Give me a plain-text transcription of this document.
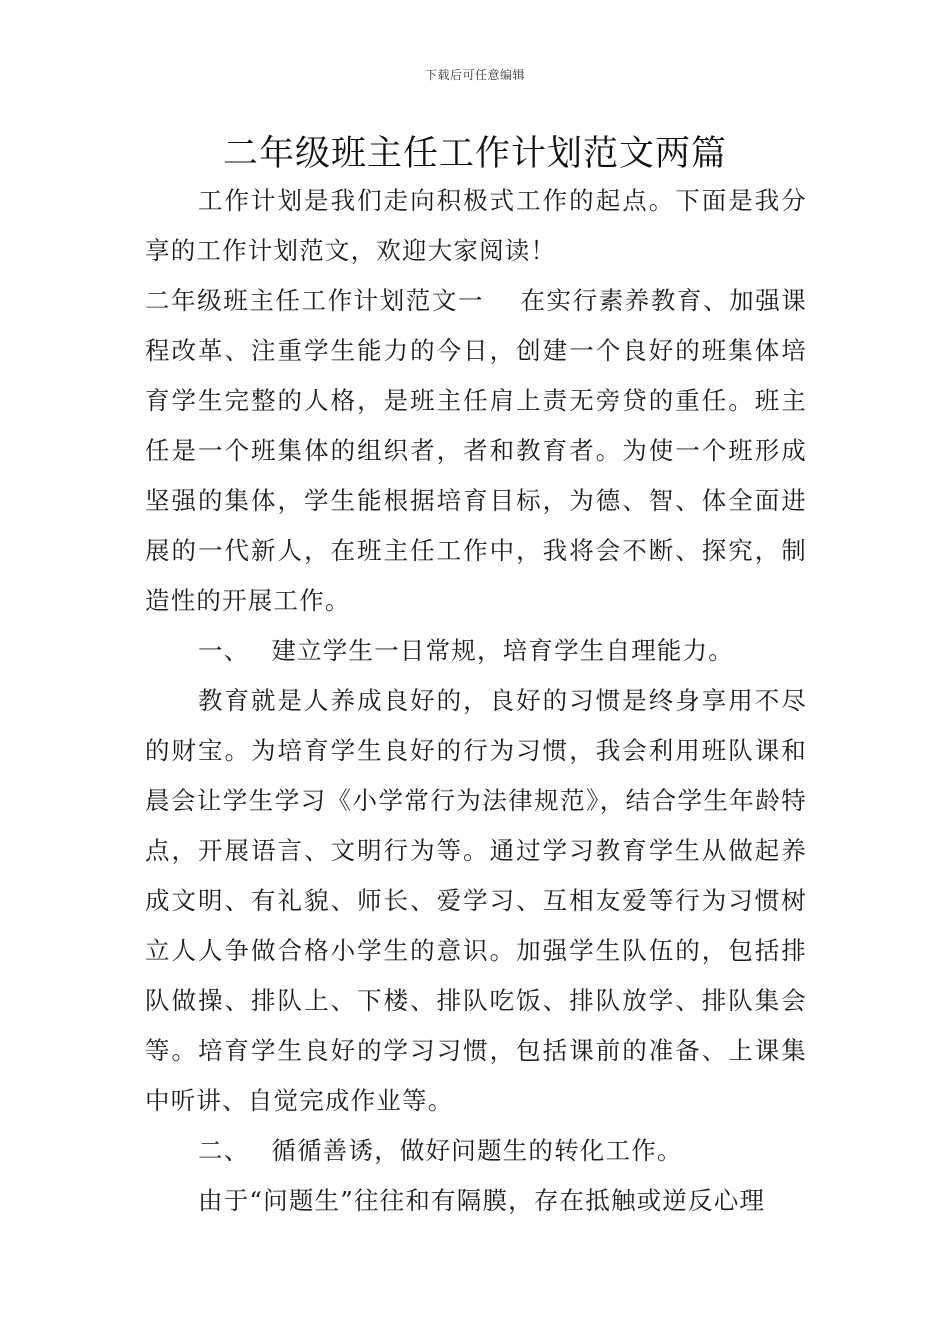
下载后可任意编辑
二年级班主任工作计划范文两篇

工作计划是我们走向积极式工作的起点。下面是我分享的工作计划范文，欢迎大家阅读！

二年级班主任工作计划范文一 在实行素养教育、加强课程改革、注重学生能力的今日，创建一个良好的班集体培育学生完整的人格，是班主任肩上责无旁贷的重任。班主任是一个班集体的组织者，者和教育者。为使一个班形成坚强的集体，学生能根据培育目标，为德、智、体全面进展的一代新人，在班主任工作中，我将会不断、探究，制造性的开展工作。

一、 建立学生一日常规，培育学生自理能力。

教育就是人养成良好的，良好的习惯是终身享用不尽的财宝。为培育学生良好的行为习惯，我会利用班队课和晨会让学生学习《小学常行为法律规范》，结合学生年龄特点，开展语言、文明行为等。通过学习教育学生从做起养成文明、有礼貌、师长、爱学习、互相友爱等行为习惯树立人人争做合格小学生的意识。加强学生队伍的，包括排队做操、排队上、下楼、排队吃饭、排队放学、排队集会等。培育学生良好的学习习惯，包括课前的准备、上课集中听讲、自觉完成作业等。

二、 循循善诱，做好问题生的转化工作。

由于“问题生”往往和有隔膜，存在抵触或逆反心理
